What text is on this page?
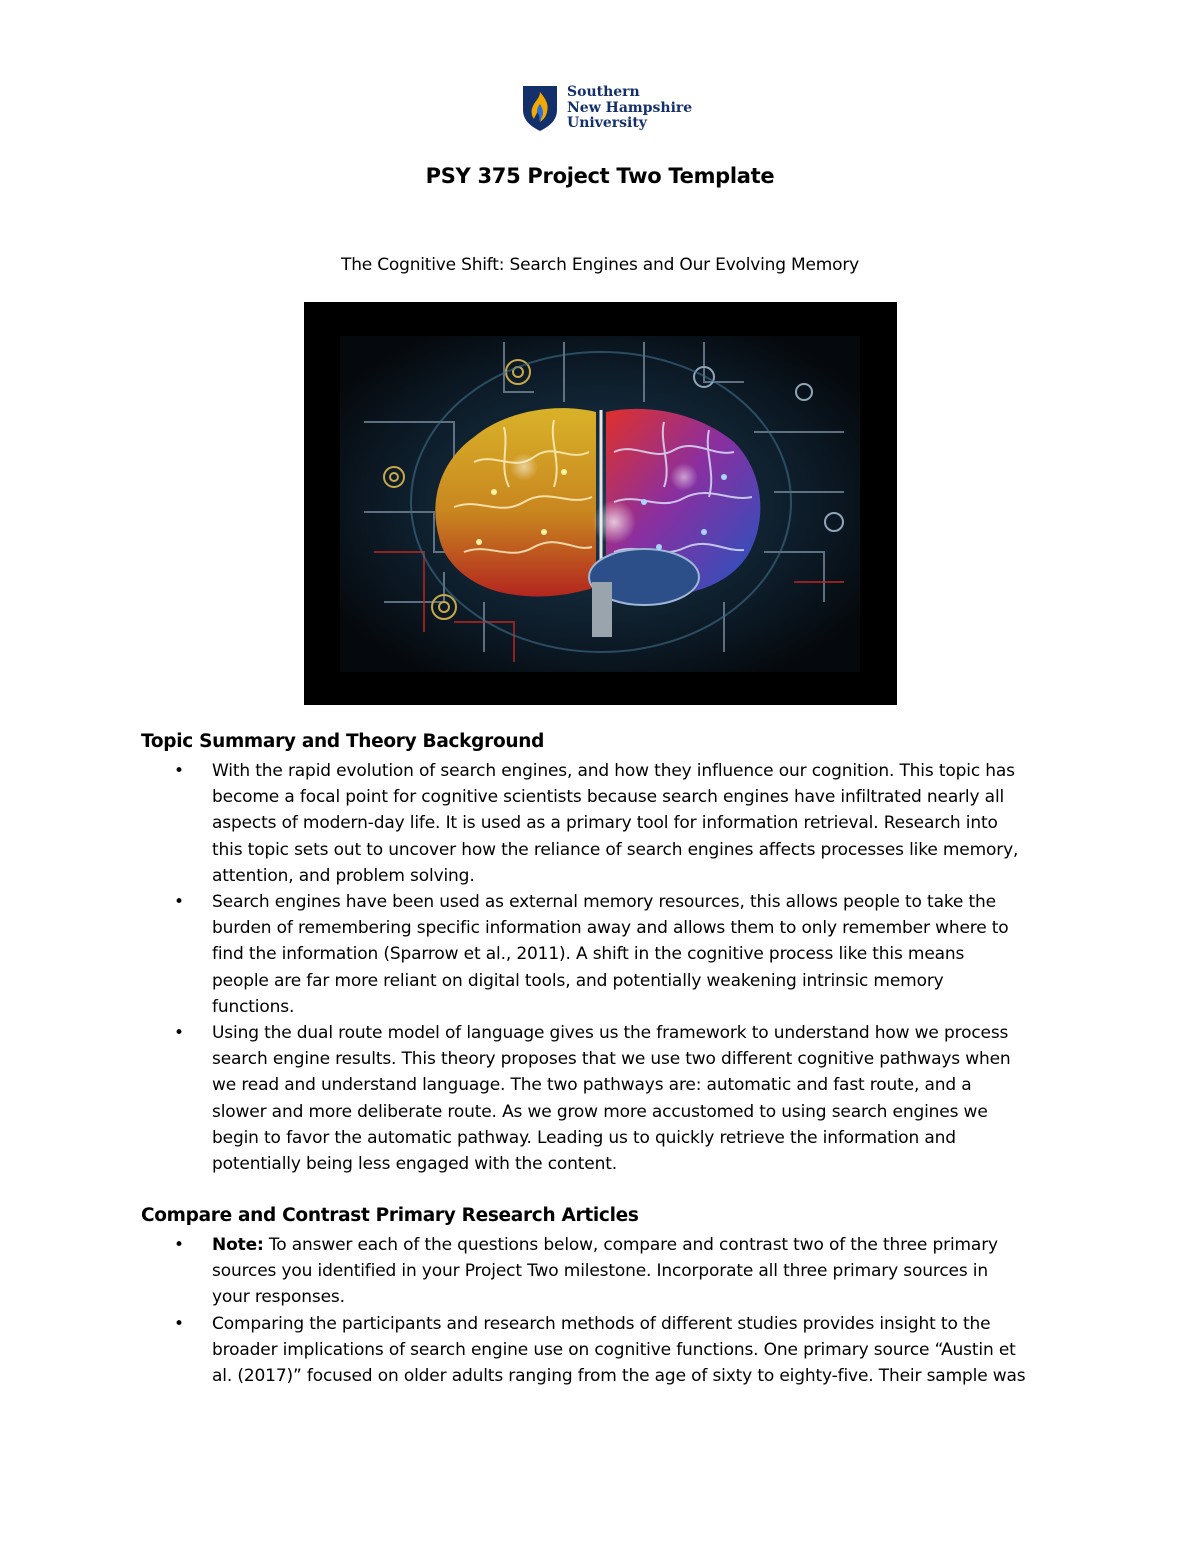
Southern
New Hampshire
University
PSY 375 Project Two Template
The Cognitive Shift: Search Engines and Our Evolving Memory
Topic Summary and Theory Background
• With the rapid evolution of search engines, and how they influence our cognition. This topic has
become a focal point for cognitive scientists because search engines have infiltrated nearly all
aspects of modern-day life. It is used as a primary tool for information retrieval. Research into
this topic sets out to uncover how the reliance of search engines affects processes like memory,
attention, and problem solving.
• Search engines have been used as external memory resources, this allows people to take the
burden of remembering specific information away and allows them to only remember where to
find the information (Sparrow et al., 2011). A shift in the cognitive process like this means
people are far more reliant on digital tools, and potentially weakening intrinsic memory
functions.
• Using the dual route model of language gives us the framework to understand how we process
search engine results. This theory proposes that we use two different cognitive pathways when
we read and understand language. The two pathways are: automatic and fast route, and a
slower and more deliberate route. As we grow more accustomed to using search engines we
begin to favor the automatic pathway. Leading us to quickly retrieve the information and
potentially being less engaged with the content.
Compare and Contrast Primary Research Articles
• Note: To answer each of the questions below, compare and contrast two of the three primary
sources you identified in your Project Two milestone. Incorporate all three primary sources in
your responses.
• Comparing the participants and research methods of different studies provides insight to the
broader implications of search engine use on cognitive functions. One primary source “Austin et
al. (2017)” focused on older adults ranging from the age of sixty to eighty-five. Their sample was
